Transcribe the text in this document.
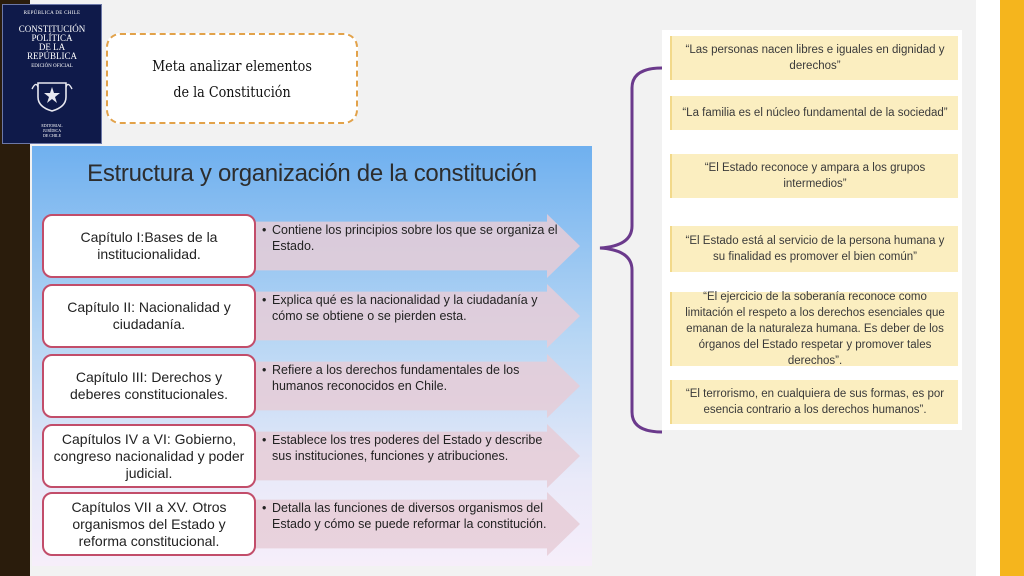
REPÚBLICA DE CHILE
CONSTITUCIÓN
POLÍTICA
DE LA
REPÚBLICA
EDICIÓN OFICIAL
EDITORIAL
JURÍDICA
DE CHILE
Meta analizar elementos de la Constitución
Estructura y organización de la constitución
• Contiene los principios sobre los que se organiza el Estado.
Capítulo I:Bases de la institucionalidad.
• Explica qué es la nacionalidad y la ciudadanía y cómo se obtiene o se pierden esta.
Capítulo II: Nacionalidad y ciudadanía.
• Refiere a los derechos fundamentales de los humanos reconocidos en Chile.
Capítulo III: Derechos y deberes constitucionales.
• Establece los tres poderes del Estado y describe sus instituciones, funciones y atribuciones.
Capítulos IV a VI: Gobierno, congreso nacionalidad y poder judicial.
• Detalla las funciones de diversos organismos del Estado y cómo se puede reformar la constitución.
Capítulos VII a XV. Otros organismos del Estado y reforma constitucional.
“Las personas nacen libres e iguales en dignidad y derechos”
“La familia es el núcleo fundamental de la sociedad”
“El Estado reconoce y ampara a los grupos intermedios”
“El Estado está al servicio de la persona humana y su finalidad es promover el bien común”
“El ejercicio de la soberanía reconoce como limitación el respeto a los derechos esenciales que emanan de la naturaleza humana. Es deber de los órganos del Estado respetar y promover tales derechos”.
“El terrorismo, en cualquiera de sus formas, es por esencia contrario a los derechos humanos”.
